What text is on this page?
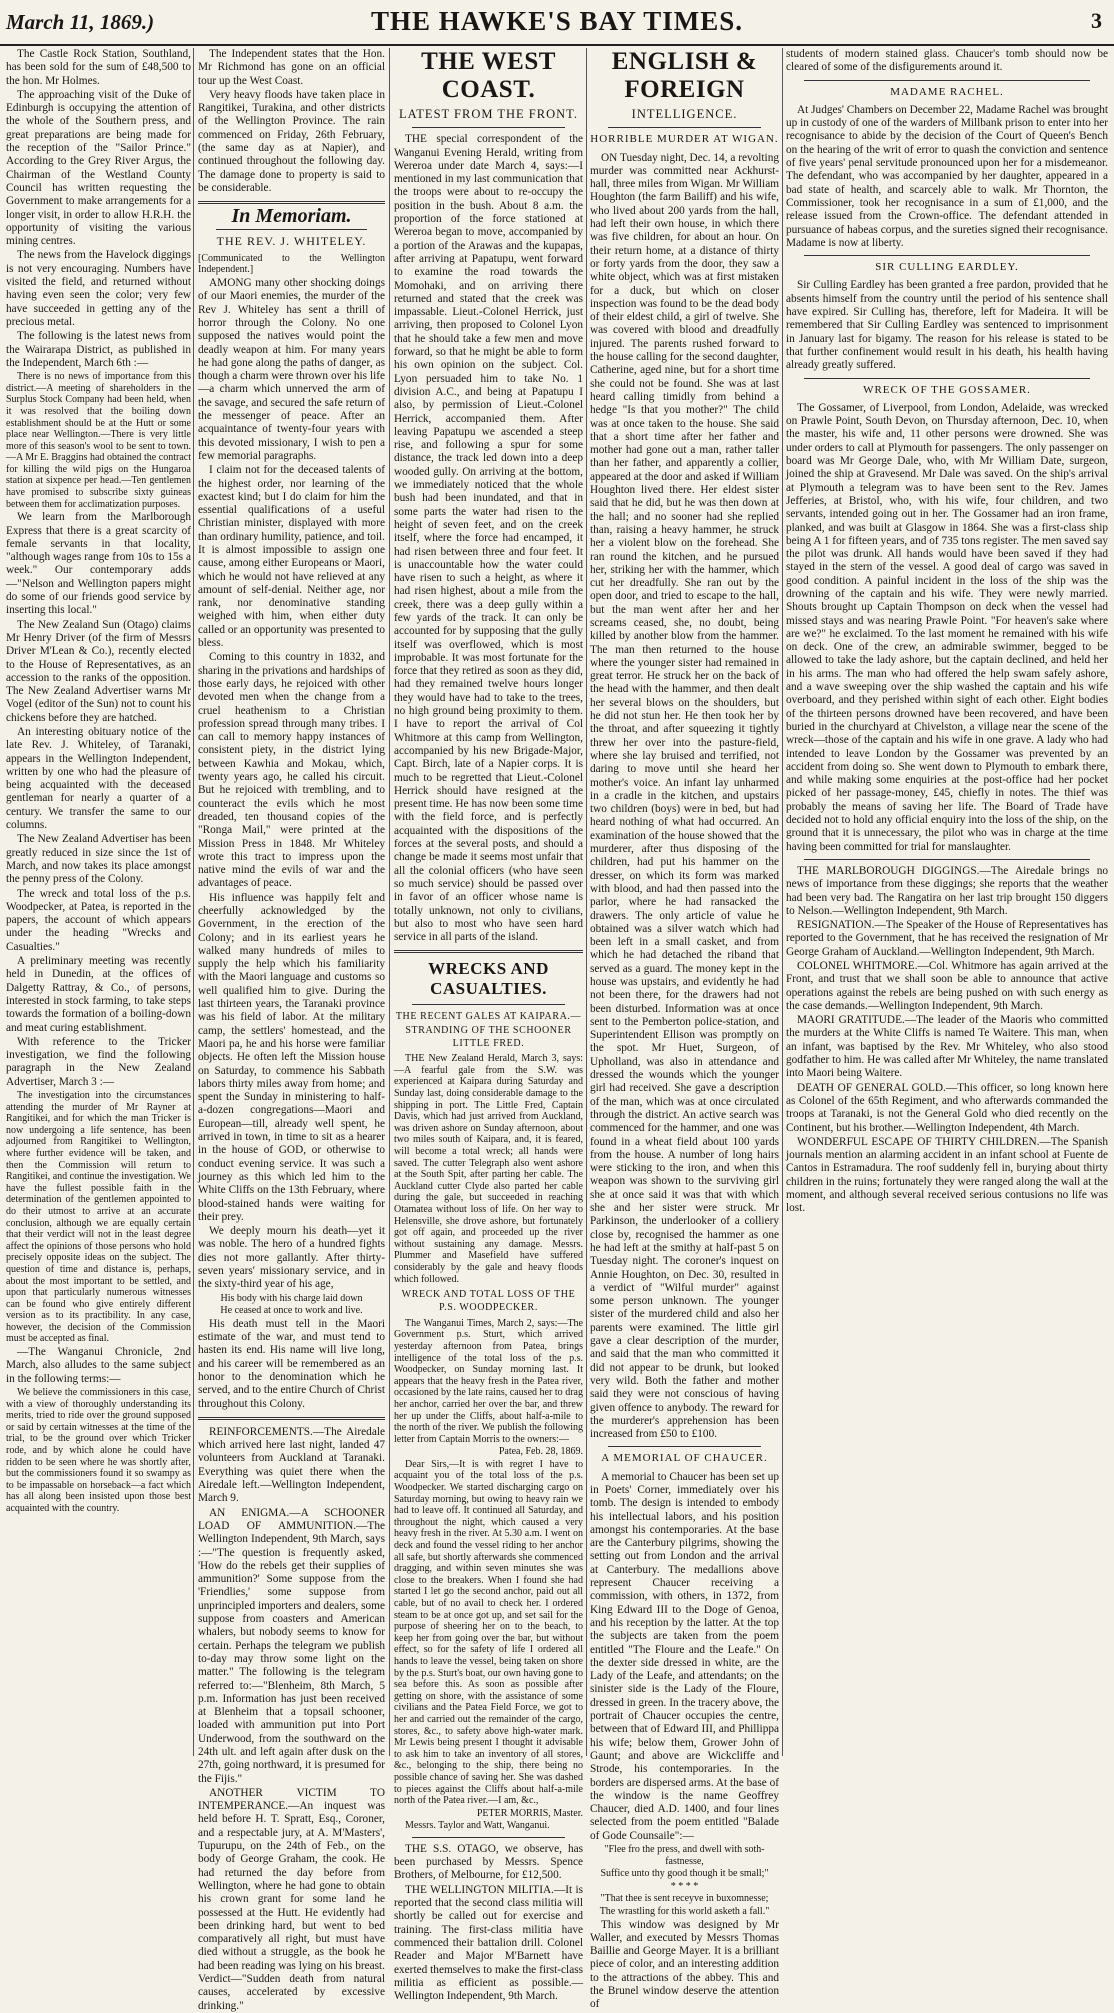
March 11, 1869.)	THE HAWKE'S BAY TIMES.	3

The Castle Rock Station, Southland, has been sold for the sum of £48,500 to the hon. Mr Holmes.

The approaching visit of the Duke of Edinburgh is occupying the attention of the whole of the Southern press, and great preparations are being made for the reception of the "Sailor Prince." According to the Grey River Argus, the Chairman of the Westland County Council has written requesting the Government to make arrangements for a longer visit, in order to allow H.R.H. the opportunity of visiting the various mining centres.

The news from the Havelock diggings is not very encouraging. Numbers have visited the field, and returned without having even seen the color; very few have succeeded in getting any of the precious metal.

The following is the latest news from the Wairarapa District, as published in the Independent, March 6th :—

There is no news of importance from this district.—A meeting of shareholders in the Surplus Stock Company had been held, when it was resolved that the boiling down establishment should be at the Hutt or some place near Wellington.—There is very little more of this season's wool to be sent to town.—A Mr E. Braggins had obtained the contract for killing the wild pigs on the Hungaroa station at sixpence per head.—Ten gentlemen have promised to subscribe sixty guineas between them for acclimatization purposes.

We learn from the Marlborough Express that there is a great scarcity of female servants in that locality, "although wages range from 10s to 15s a week." Our contemporary adds—"Nelson and Wellington papers might do some of our friends good service by inserting this local."

The New Zealand Sun (Otago) claims Mr Henry Driver (of the firm of Messrs Driver M'Lean & Co.), recently elected to the House of Representatives, as an accession to the ranks of the opposition. The New Zealand Advertiser warns Mr Vogel (editor of the Sun) not to count his chickens before they are hatched.

An interesting obituary notice of the late Rev. J. Whiteley, of Taranaki, appears in the Wellington Independent, written by one who had the pleasure of being acquainted with the deceased gentleman for nearly a quarter of a century. We transfer the same to our columns.

The New Zealand Advertiser has been greatly reduced in size since the 1st of March, and now takes its place amongst the penny press of the Colony.

The wreck and total loss of the p.s. Woodpecker, at Patea, is reported in the papers, the account of which appears under the heading "Wrecks and Casualties."

A preliminary meeting was recently held in Dunedin, at the offices of Dalgetty Rattray, & Co., of persons, interested in stock farming, to take steps towards the formation of a boiling-down and meat curing establishment.

With reference to the Tricker investigation, we find the following paragraph in the New Zealand Advertiser, March 3 :—

The investigation into the circumstances attending the murder of Mr Rayner at Rangitikei, and for which the man Tricker is now undergoing a life sentence, has been adjourned from Rangitikei to Wellington, where further evidence will be taken, and then the Commission will return to Rangitikei, and continue the investigation. We have the fullest possible faith in the determination of the gentlemen appointed to do their utmost to arrive at an accurate conclusion, although we are equally certain that their verdict will not in the least degree affect the opinions of those persons who hold precisely opposite ideas on the subject. The question of time and distance is, perhaps, about the most important to be settled, and upon that particularly numerous witnesses can be found who give entirely different version as to its practibility. In any case, however, the decision of the Commission must be accepted as final.

—The Wanganui Chronicle, 2nd March, also alludes to the same subject in the following terms:—

We believe the commissioners in this case, with a view of thoroughly understanding its merits, tried to ride over the ground supposed or said by certain witnesses at the time of the trial, to be the ground over which Tricker rode, and by which alone he could have ridden to be seen where he was shortly after, but the commissioners found it so swampy as to be impassable on horseback—a fact which has all along been insisted upon those best acquainted with the country.

The Independent states that the Hon. Mr Richmond has gone on an official tour up the West Coast.

Very heavy floods have taken place in Rangitikei, Turakina, and other districts of the Wellington Province. The rain commenced on Friday, 26th February, (the same day as at Napier), and continued throughout the following day. The damage done to property is said to be considerable.

In Memoriam.
THE REV. J. WHITELEY.

[Communicated to the Wellington Independent.]

AMONG many other shocking doings of our Maori enemies, the murder of the Rev J. Whiteley has sent a thrill of horror through the Colony. No one supposed the natives would point the deadly weapon at him. For many years he had gone along the paths of danger, as though a charm were thrown over his life—a charm which unnerved the arm of the savage, and secured the safe return of the messenger of peace. After an acquaintance of twenty-four years with this devoted missionary, I wish to pen a few memorial paragraphs.

I claim not for the deceased talents of the highest order, nor learning of the exactest kind; but I do claim for him the essential qualifications of a useful Christian minister, displayed with more than ordinary humility, patience, and toil. It is almost impossible to assign one cause, among either Europeans or Maori, which he would not have relieved at any amount of self-denial. Neither age, nor rank, nor denominative standing weighed with him, when either duty called or an opportunity was presented to bless.

Coming to this country in 1832, and sharing in the privations and hardships of those early days, he rejoiced with other devoted men when the change from a cruel heathenism to a Christian profession spread through many tribes. I can call to memory happy instances of consistent piety, in the district lying between Kawhia and Mokau, which, twenty years ago, he called his circuit. But he rejoiced with trembling, and to counteract the evils which he most dreaded, ten thousand copies of the "Ronga Mail," were printed at the Mission Press in 1848. Mr Whiteley wrote this tract to impress upon the native mind the evils of war and the advantages of peace.

His influence was happily felt and cheerfully acknowledged by the Government, in the erection of the Colony; and in its earliest years he walked many hundreds of miles to supply the help which his familiarity with the Maori language and customs so well qualified him to give. During the last thirteen years, the Taranaki province was his field of labor. At the military camp, the settlers' homestead, and the Maori pa, he and his horse were familiar objects. He often left the Mission house on Saturday, to commence his Sabbath labors thirty miles away from home; and spent the Sunday in ministering to half-a-dozen congregations—Maori and European—till, already well spent, he arrived in town, in time to sit as a hearer in the house of GOD, or otherwise to conduct evening service. It was such a journey as this which led him to the White Cliffs on the 13th February, where blood-stained hands were waiting for their prey.

We deeply mourn his death—yet it was noble. The hero of a hundred fights dies not more gallantly. After thirty-seven years' missionary service, and in the sixty-third year of his age,

His body with his charge laid down

He ceased at once to work and live.

His death must tell in the Maori estimate of the war, and must tend to hasten its end. His name will live long, and his career will be remembered as an honor to the denomination which he served, and to the entire Church of Christ throughout this Colony.

REINFORCEMENTS.—The Airedale which arrived here last night, landed 47 volunteers from Auckland at Taranaki. Everything was quiet there when the Airedale left.—Wellington Independent, March 9.

AN ENIGMA.—A SCHOONER LOAD OF AMMUNITION.—The Wellington Independent, 9th March, says :—"The question is frequently asked, 'How do the rebels get their supplies of ammunition?' Some suppose from the 'Friendlies,' some suppose from unprincipled importers and dealers, some suppose from coasters and American whalers, but nobody seems to know for certain. Perhaps the telegram we publish to-day may throw some light on the matter." The following is the telegram referred to:—"Blenheim, 8th March, 5 p.m. Information has just been received at Blenheim that a topsail schooner, loaded with ammunition put into Port Underwood, from the southward on the 24th ult. and left again after dusk on the 27th, going northward, it is presumed for the Fijis."

ANOTHER VICTIM TO INTEMPERANCE.—An inquest was held before H. T. Spratt, Esq., Coroner, and a respectable jury, at A. M'Masters', Tupurupu, on the 24th of Feb., on the body of George Graham, the cook. He had returned the day before from Wellington, where he had gone to obtain his crown grant for some land he possessed at the Hutt. He evidently had been drinking hard, but went to bed comparatively all right, but must have died without a struggle, as the book he had been reading was lying on his breast. Verdict—"Sudden death from natural causes, accelerated by excessive drinking."

THE WEST COAST.
LATEST FROM THE FRONT.

THE special correspondent of the Wanganui Evening Herald, writing from Wereroa under date March 4, says:—I mentioned in my last communication that the troops were about to re-occupy the position in the bush. About 8 a.m. the proportion of the force stationed at Wereroa began to move, accompanied by a portion of the Arawas and the kupapas, after arriving at Papatupu, went forward to examine the road towards the Momohaki, and on arriving there returned and stated that the creek was impassable. Lieut.-Colonel Herrick, just arriving, then proposed to Colonel Lyon that he should take a few men and move forward, so that he might be able to form his own opinion on the subject. Col. Lyon persuaded him to take No. 1 division A.C., and being at Papatupu I also, by permission of Lieut.-Colonel Herrick, accompanied them. After leaving Papatupu we ascended a steep rise, and following a spur for some distance, the track led down into a deep wooded gully. On arriving at the bottom, we immediately noticed that the whole bush had been inundated, and that in some parts the water had risen to the height of seven feet, and on the creek itself, where the force had encamped, it had risen between three and four feet. It is unaccountable how the water could have risen to such a height, as where it had risen highest, about a mile from the creek, there was a deep gully within a few yards of the track. It can only be accounted for by supposing that the gully itself was overflowed, which is most improbable. It was most fortunate for the force that they retired as soon as they did, had they remained twelve hours longer they would have had to take to the trees, no high ground being proximity to them. I have to report the arrival of Col Whitmore at this camp from Wellington, accompanied by his new Brigade-Major, Capt. Birch, late of a Napier corps. It is much to be regretted that Lieut.-Colonel Herrick should have resigned at the present time. He has now been some time with the field force, and is perfectly acquainted with the dispositions of the forces at the several posts, and should a change be made it seems most unfair that all the colonial officers (who have seen so much service) should be passed over in favor of an officer whose name is totally unknown, not only to civilians, but also to most who have seen hard service in all parts of the island.

WRECKS AND CASUALTIES.
THE RECENT GALES AT KAIPARA.—STRANDING OF THE SCHOONER LITTLE FRED.

THE New Zealand Herald, March 3, says:—A fearful gale from the S.W. was experienced at Kaipara during Saturday and Sunday last, doing considerable damage to the shipping in port. The Little Fred, Captain Davis, which had just arrived from Auckland, was driven ashore on Sunday afternoon, about two miles south of Kaipara, and, it is feared, will become a total wreck; all hands were saved. The cutter Telegraph also went ashore at the South Spit, after parting her cable. The Auckland cutter Clyde also parted her cable during the gale, but succeeded in reaching Otamatea without loss of life. On her way to Helensville, she drove ashore, but fortunately got off again, and proceeded up the river without sustaining any damage. Messrs. Plummer and Masefield have suffered considerably by the gale and heavy floods which followed.

WRECK AND TOTAL LOSS OF THE P.S. WOODPECKER.

The Wanganui Times, March 2, says:—The Government p.s. Sturt, which arrived yesterday afternoon from Patea, brings intelligence of the total loss of the p.s. Woodpecker, on Sunday morning last. It appears that the heavy fresh in the Patea river, occasioned by the late rains, caused her to drag her anchor, carried her over the bar, and threw her up under the Cliffs, about half-a-mile to the north of the river. We publish the following letter from Captain Morris to the owners:—

Patea, Feb. 28, 1869.

Dear Sirs,—It is with regret I have to acquaint you of the total loss of the p.s. Woodpecker. We started discharging cargo on Saturday morning, but owing to heavy rain we had to leave off. It continued all Saturday, and throughout the night, which caused a very heavy fresh in the river. At 5.30 a.m. I went on deck and found the vessel riding to her anchor all safe, but shortly afterwards she commenced dragging, and within seven minutes she was close to the breakers. When I found she had started I let go the second anchor, paid out all cable, but of no avail to check her. I ordered steam to be at once got up, and set sail for the purpose of sheering her on to the beach, to keep her from going over the bar, but without effect, so for the safety of life I ordered all hands to leave the vessel, being taken on shore by the p.s. Sturt's boat, our own having gone to sea before this. As soon as possible after getting on shore, with the assistance of some civilians and the Patea Field Force, we got to her and carried out the remainder of the cargo, stores, &c., to safety above high-water mark. Mr Lewis being present I thought it advisable to ask him to take an inventory of all stores, &c., belonging to the ship, there being no possible chance of saving her. She was dashed to pieces against the Cliffs about half-a-mile north of the Patea river.—I am, &c.,

PETER MORRIS, Master.

Messrs. Taylor and Watt, Wanganui.

THE S.S. OTAGO, we observe, has been purchased by Messrs. Spence Brothers, of Melbourne, for £12,500.

THE WELLINGTON MILITIA.—It is reported that the second class militia will shortly be called out for exercise and training. The first-class militia have commenced their battalion drill. Colonel Reader and Major M'Barnett have exerted themselves to make the first-class militia as efficient as possible.—Wellington Independent, 9th March.

ENGLISH & FOREIGN
INTELLIGENCE.
HORRIBLE MURDER AT WIGAN.

ON Tuesday night, Dec. 14, a revolting murder was committed near Ackhurst-hall, three miles from Wigan. Mr William Houghton (the farm Bailiff) and his wife, who lived about 200 yards from the hall, had left their own house, in which there was five children, for about an hour. On their return home, at a distance of thirty or forty yards from the door, they saw a white object, which was at first mistaken for a duck, but which on closer inspection was found to be the dead body of their eldest child, a girl of twelve. She was covered with blood and dreadfully injured. The parents rushed forward to the house calling for the second daughter, Catherine, aged nine, but for a short time she could not be found. She was at last heard calling timidly from behind a hedge "Is that you mother?" The child was at once taken to the house. She said that a short time after her father and mother had gone out a man, rather taller than her father, and apparently a collier, appeared at the door and asked if William Houghton lived there. Her eldest sister said that he did, but he was then down at the hall; and no sooner had she replied than, raising a heavy hammer, he struck her a violent blow on the forehead. She ran round the kitchen, and he pursued her, striking her with the hammer, which cut her dreadfully. She ran out by the open door, and tried to escape to the hall, but the man went after her and her screams ceased, she, no doubt, being killed by another blow from the hammer. The man then returned to the house where the younger sister had remained in great terror. He struck her on the back of the head with the hammer, and then dealt her several blows on the shoulders, but he did not stun her. He then took her by the throat, and after squeezing it tightly threw her over into the pasture-field, where she lay bruised and terrified, not daring to move until she heard her mother's voice. An infant lay unharmed in a cradle in the kitchen, and upstairs two children (boys) were in bed, but had heard nothing of what had occurred. An examination of the house showed that the murderer, after thus disposing of the children, had put his hammer on the dresser, on which its form was marked with blood, and had then passed into the parlor, where he had ransacked the drawers. The only article of value he obtained was a silver watch which had been left in a small casket, and from which he had detached the riband that served as a guard. The money kept in the house was upstairs, and evidently he had not been there, for the drawers had not been disturbed. Information was at once sent to the Pemberton police-station, and Superintendent Ellison was promptly on the spot. Mr Huet, Surgeon, of Upholland, was also in attendance and dressed the wounds which the younger girl had received. She gave a description of the man, which was at once circulated through the district. An active search was commenced for the hammer, and one was found in a wheat field about 100 yards from the house. A number of long hairs were sticking to the iron, and when this weapon was shown to the surviving girl she at once said it was that with which she and her sister were struck. Mr Parkinson, the underlooker of a colliery close by, recognised the hammer as one he had left at the smithy at half-past 5 on Tuesday night. The coroner's inquest on Annie Houghton, on Dec. 30, resulted in a verdict of "Wilful murder" against some person unknown. The younger sister of the murdered child and also her parents were examined. The little girl gave a clear description of the murder, and said that the man who committed it did not appear to be drunk, but looked very wild. Both the father and mother said they were not conscious of having given offence to anybody. The reward for the murderer's apprehension has been increased from £50 to £100.

A MEMORIAL OF CHAUCER.

A memorial to Chaucer has been set up in Poets' Corner, immediately over his tomb. The design is intended to embody his intellectual labors, and his position amongst his contemporaries. At the base are the Canterbury pilgrims, showing the setting out from London and the arrival at Canterbury. The medallions above represent Chaucer receiving a commission, with others, in 1372, from King Edward III to the Doge of Genoa, and his reception by the latter. At the top the subjects are taken from the poem entitled "The Floure and the Leafe." On the dexter side dressed in white, are the Lady of the Leafe, and attendants; on the sinister side is the Lady of the Floure, dressed in green. In the tracery above, the portrait of Chaucer occupies the centre, between that of Edward III, and Phillippa his wife; below them, Grower John of Gaunt; and above are Wickcliffe and Strode, his contemporaries. In the borders are dispersed arms. At the base of the window is the name Geoffrey Chaucer, died A.D. 1400, and four lines selected from the poem entitled "Balade of Gode Counsaile":—

"Flee fro the press, and dwell with soth-fastnesse,

Suffice unto thy good though it be small;"

* * * *

"That thee is sent receyve in buxomnesse;

The wrastling for this world asketh a fall."

This window was designed by Mr Waller, and executed by Messrs Thomas Baillie and George Mayer. It is a brilliant piece of color, and an interesting addition to the attractions of the abbey. This and the Brunel window deserve the attention of

students of modern stained glass. Chaucer's tomb should now be cleared of some of the disfigurements around it.

MADAME RACHEL.

At Judges' Chambers on December 22, Madame Rachel was brought up in custody of one of the warders of Millbank prison to enter into her recognisance to abide by the decision of the Court of Queen's Bench on the hearing of the writ of error to quash the conviction and sentence of five years' penal servitude pronounced upon her for a misdemeanor. The defendant, who was accompanied by her daughter, appeared in a bad state of health, and scarcely able to walk. Mr Thornton, the Commissioner, took her recognisance in a sum of £1,000, and the release issued from the Crown-office. The defendant attended in pursuance of habeas corpus, and the sureties signed their recognisance. Madame is now at liberty.

SIR CULLING EARDLEY.

Sir Culling Eardley has been granted a free pardon, provided that he absents himself from the country until the period of his sentence shall have expired. Sir Culling has, therefore, left for Madeira. It will be remembered that Sir Culling Eardley was sentenced to imprisonment in January last for bigamy. The reason for his release is stated to be that further confinement would result in his death, his health having already greatly suffered.

WRECK OF THE GOSSAMER.

The Gossamer, of Liverpool, from London, Adelaide, was wrecked on Prawle Point, South Devon, on Thursday afternoon, Dec. 10, when the master, his wife and, 11 other persons were drowned. She was under orders to call at Plymouth for passengers. The only passenger on board was Mr George Dale, who, with Mr William Date, surgeon, joined the ship at Gravesend. Mr Dale was saved. On the ship's arrival at Plymouth a telegram was to have been sent to the Rev. James Jefferies, at Bristol, who, with his wife, four children, and two servants, intended going out in her. The Gossamer had an iron frame, planked, and was built at Glasgow in 1864. She was a first-class ship being A 1 for fifteen years, and of 735 tons register. The men saved say the pilot was drunk. All hands would have been saved if they had stayed in the stern of the vessel. A good deal of cargo was saved in good condition. A painful incident in the loss of the ship was the drowning of the captain and his wife. They were newly married. Shouts brought up Captain Thompson on deck when the vessel had missed stays and was nearing Prawle Point. "For heaven's sake where are we?" he exclaimed. To the last moment he remained with his wife on deck. One of the crew, an admirable swimmer, begged to be allowed to take the lady ashore, but the captain declined, and held her in his arms. The man who had offered the help swam safely ashore, and a wave sweeping over the ship washed the captain and his wife overboard, and they perished within sight of each other. Eight bodies of the thirteen persons drowned have been recovered, and have been buried in the churchyard at Chivelston, a village near the scene of the wreck—those of the captain and his wife in one grave. A lady who had intended to leave London by the Gossamer was prevented by an accident from doing so. She went down to Plymouth to embark there, and while making some enquiries at the post-office had her pocket picked of her passage-money, £45, chiefly in notes. The thief was probably the means of saving her life. The Board of Trade have decided not to hold any official enquiry into the loss of the ship, on the ground that it is unnecessary, the pilot who was in charge at the time having been committed for trial for manslaughter.

THE MARLBOROUGH DIGGINGS.—The Airedale brings no news of importance from these diggings; she reports that the weather had been very bad. The Rangatira on her last trip brought 150 diggers to Nelson.—Wellington Independent, 9th March.

RESIGNATION.—The Speaker of the House of Representatives has reported to the Government, that he has received the resignation of Mr George Graham of Auckland.—Wellington Independent, 9th March.

COLONEL WHITMORE.—Col. Whitmore has again arrived at the Front, and trust that we shall soon be able to announce that active operations against the rebels are being pushed on with such energy as the case demands.—Wellington Independent, 9th March.

MAORI GRATITUDE.—The leader of the Maoris who committed the murders at the White Cliffs is named Te Waitere. This man, when an infant, was baptised by the Rev. Mr Whiteley, who also stood godfather to him. He was called after Mr Whiteley, the name translated into Maori being Waitere.

DEATH OF GENERAL GOLD.—This officer, so long known here as Colonel of the 65th Regiment, and who afterwards commanded the troops at Taranaki, is not the General Gold who died recently on the Continent, but his brother.—Wellington Independent, 4th March.

WONDERFUL ESCAPE OF THIRTY CHILDREN.—The Spanish journals mention an alarming accident in an infant school at Fuente de Cantos in Estramadura. The roof suddenly fell in, burying about thirty children in the ruins; fortunately they were ranged along the wall at the moment, and although several received serious contusions no life was lost.
